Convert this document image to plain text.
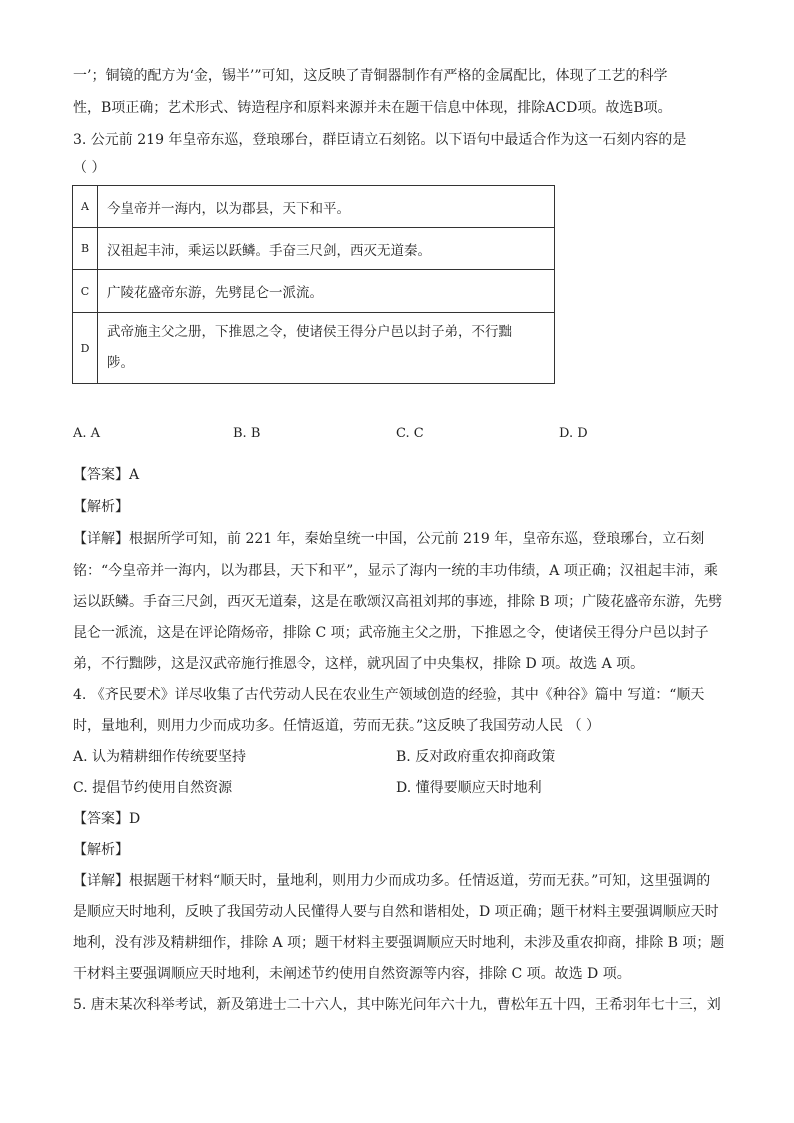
一’；铜镜的配方为‘金，锡半’”可知，这反映了青铜器制作有严格的金属配比，体现了工艺的科学
性，B项正确；艺术形式、铸造程序和原料来源并未在题干信息中体现，排除ACD项。故选B项。
3. 公元前 219 年皇帝东巡，登琅琊台，群臣请立石刻铭。以下语句中最适合作为这一石刻内容的是
（ ）
A	今皇帝并一海内，以为郡县，天下和平。
B	汉祖起丰沛，乘运以跃鳞。手奋三尺剑，西灭无道秦。
C	广陵花盛帝东游，先劈昆仑一派流。
D	武帝施主父之册，下推恩之令，使诸侯王得分户邑以封子弟，不行黜
陟。
A. A	B. B	C. C	D. D
【答案】A
【解析】
【详解】根据所学可知，前 221 年，秦始皇统一中国，公元前 219 年，皇帝东巡，登琅琊台，立石刻
铭：“今皇帝并一海内，以为郡县，天下和平”，显示了海内一统的丰功伟绩，A 项正确；汉祖起丰沛，乘
运以跃鳞。手奋三尺剑，西灭无道秦，这是在歌颂汉高祖刘邦的事迹，排除 B 项；广陵花盛帝东游，先劈
昆仑一派流，这是在评论隋炀帝，排除 C 项；武帝施主父之册，下推恩之令，使诸侯王得分户邑以封子
弟，不行黜陟，这是汉武帝施行推恩令，这样，就巩固了中央集权，排除 D 项。故选 A 项。
4. 《齐民要术》详尽收集了古代劳动人民在农业生产领域创造的经验，其中《种谷》篇中 写道：“顺天
时，量地利，则用力少而成功多。任情返道，劳而无获。”这反映了我国劳动人民 （ ）
A. 认为精耕细作传统要坚持	B. 反对政府重农抑商政策
C. 提倡节约使用自然资源	D. 懂得要顺应天时地利
【答案】D
【解析】
【详解】根据题干材料“顺天时，量地利，则用力少而成功多。任情返道，劳而无获。”可知，这里强调的
是顺应天时地利，反映了我国劳动人民懂得人要与自然和谐相处，D 项正确；题干材料主要强调顺应天时
地利，没有涉及精耕细作，排除 A 项；题干材料主要强调顺应天时地利，未涉及重农抑商，排除 B 项；题
干材料主要强调顺应天时地利，未阐述节约使用自然资源等内容，排除 C 项。故选 D 项。
5. 唐末某次科举考试，新及第进士二十六人，其中陈光问年六十九，曹松年五十四，王希羽年七十三，刘
